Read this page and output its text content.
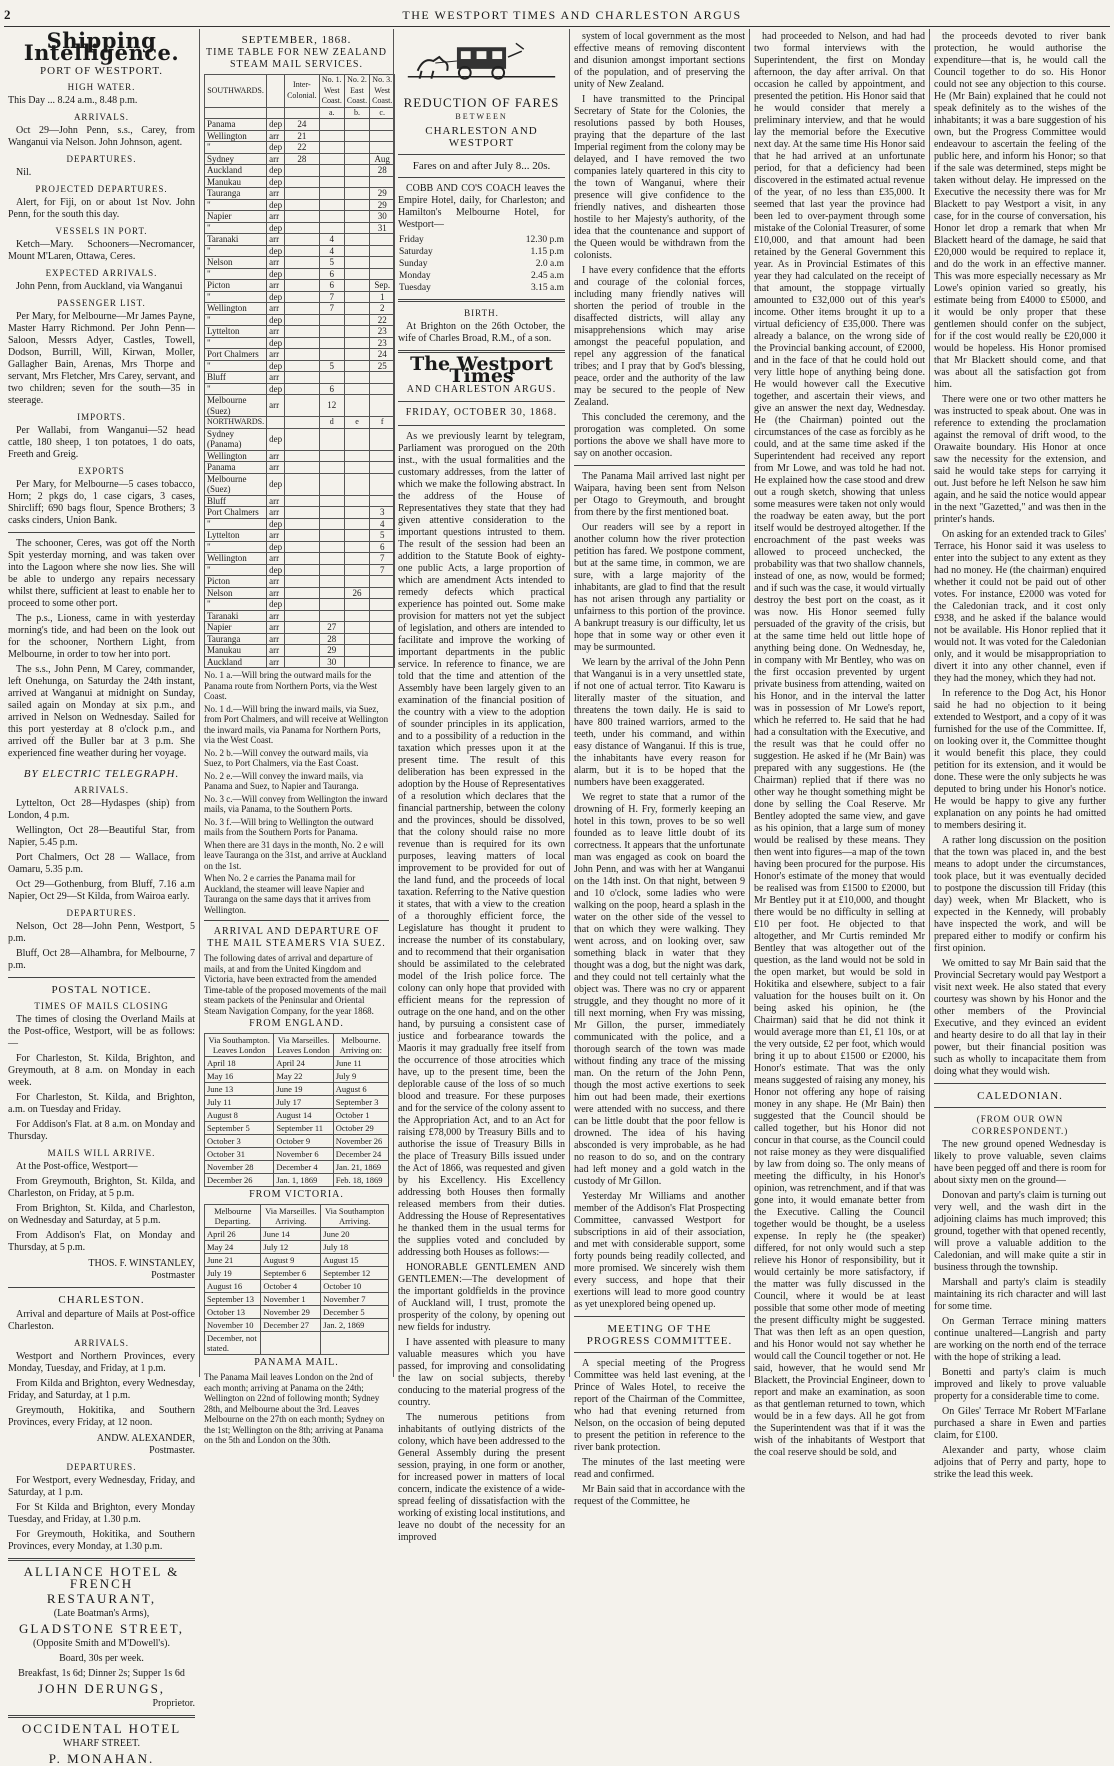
2	THE WESTPORT TIMES AND CHARLESTON ARGUS
Shipping Intelligence.
PORT OF WESTPORT.
HIGH WATER.
This Day ... 8.24 a.m., 8.48 p.m.
ARRIVALS.
Oct 29—John Penn, s.s., Carey, from Wanganui via Nelson. John Johnson, agent.
DEPARTURES.
Nil.
PROJECTED DEPARTURES.
Alert, for Fiji, on or about 1st Nov. John Penn, for the south this day.
VESSELS IN PORT.
Ketch—Mary. Schooners—Necromancer, Mount M'Laren, Ottawa, Ceres.
EXPECTED ARRIVALS.
John Penn, from Auckland, via Wanganui
PASSENGER LIST.
Per Mary, for Melbourne—Mr James Payne, Master Harry Richmond. Per John Penn—Saloon, Messrs Adyer, Castles, Towell, Dodson, Burrill, Will, Kirwan, Moller, Gallagher Bain, Arenas, Mrs Thorpe and servant, Mrs Fletcher, Mrs Carey, servant, and two children; seven for the south—35 in steerage.
IMPORTS.
Per Wallabi, from Wanganui—52 head cattle, 180 sheep, 1 ton potatoes, 1 do oats, Freeth and Greig.
EXPORTS
Per Mary, for Melbourne—5 cases tobacco, Horn; 2 pkgs do, 1 case cigars, 3 cases, Shircliff; 690 bags flour, Spence Brothers; 3 casks cinders, Union Bank.
The schooner, Ceres, was got off the North Spit yesterday morning, and was taken over into the Lagoon where she now lies. She will be able to undergo any repairs necessary whilst there, sufficient at least to enable her to proceed to some other port.
The p.s., Lioness, came in with yesterday morning's tide, and had been on the look out for the schooner, Northern Light, from Melbourne, in order to tow her into port.
The s.s., John Penn, M Carey, commander, left Onehunga, on Saturday the 24th instant, arrived at Wanganui at midnight on Sunday, sailed again on Monday at six p.m., and arrived in Nelson on Wednesday. Sailed for this port yesterday at 8 o'clock p.m., and arrived off the Buller bar at 3 p.m. She experienced fine weather during her voyage.
BY ELECTRIC TELEGRAPH.
ARRIVALS.
Lyttelton, Oct 28—Hydaspes (ship) from London, 4 p.m.
Wellington, Oct 28—Beautiful Star, from Napier, 5.45 p.m.
Port Chalmers, Oct 28 — Wallace, from Oamaru, 5.35 p.m.
Oct 29—Gothenburg, from Bluff, 7.16 a.m Napier, Oct 29—St Kilda, from Wairoa early.
DEPARTURES.
Nelson, Oct 28—John Penn, Westport, 5 p.m.
Bluff, Oct 28—Alhambra, for Melbourne, 7 p.m.
POSTAL NOTICE.
TIMES OF MAILS CLOSING
The times of closing the Overland Mails at the Post-office, Westport, will be as follows:—
For Charleston, St. Kilda, Brighton, and Greymouth, at 8 a.m. on Monday in each week.
For Charleston, St. Kilda, and Brighton, a.m. on Tuesday and Friday.
For Addison's Flat. at 8 a.m. on Monday and Thursday.
MAILS WILL ARRIVE.
At the Post-office, Westport—
From Greymouth, Brighton, St. Kilda, and Charleston, on Friday, at 5 p.m.
From Brighton, St. Kilda, and Charleston, on Wednesday and Saturday, at 5 p.m.
From Addison's Flat, on Monday and Thursday, at 5 p.m.
THOS. F. WINSTANLEY,
Postmaster
CHARLESTON.
Arrival and departure of Mails at Post-office Charleston.
ARRIVALS.
Westport and Northern Provinces, every Monday, Tuesday, and Friday, at 1 p.m.
From Kilda and Brighton, every Wednesday, Friday, and Saturday, at 1 p.m.
Greymouth, Hokitika, and Southern Provinces, every Friday, at 12 noon.
ANDW. ALEXANDER,
Postmaster.
DEPARTURES.
For Westport, every Wednesday, Friday, and Saturday, at 1 p.m.
For St Kilda and Brighton, every Monday Tuesday, and Friday, at 1.30 p.m.
For Greymouth, Hokitika, and Southern Provinces, every Monday, at 1.30 p.m.
ALLIANCE HOTEL & FRENCH
RESTAURANT,
(Late Boatman's Arms),
GLADSTONE STREET,
(Opposite Smith and M'Dowell's).
Board, 30s per week.
Breakfast, 1s 6d; Dinner 2s; Supper 1s 6d
JOHN DERUNGS,
Proprietor.
OCCIDENTAL HOTEL
WHARF STREET.
P. MONAHAN.
SEPTEMBER, 1868.
TIME TABLE FOR NEW ZEALAND STEAM MAIL SERVICES.
SOUTHWARDS.		Inter-Colonial.	No. 1. West Coast.	No. 2. East Coast.	No. 3. West Coast.
			a.	b.	c.
Panama	dep	24			
Wellington	arr	21			
"	dep	22			
Sydney	arr	28			Aug
Auckland	dep				28
Manukau	dep				
Tauranga	arr				29
"	dep				29
Napier	arr				30
"	dep				31
Taranaki	arr		4		
"	dep		4		
Nelson	arr		5		
"	dep		6		
Picton	arr		6		Sep.
"	dep		7		1
Wellington	arr		7		2
"	dep				22
Lyttelton	arr				23
"	dep				23
Port Chalmers	arr				24
"	dep		5		25
Bluff	arr				
"	dep		6		
Melbourne (Suez)	arr		12		
NORTHWARDS.			d	e	f
Sydney (Panama)	dep				
Wellington	arr				
Panama	arr				
Melbourne (Suez)	dep				
Bluff	arr				
Port Chalmers	arr				3
"	dep				4
Lyttelton	arr				5
"	dep				6
Wellington	arr				7
"	dep				7
Picton	arr				
Nelson	arr			26	
"	dep				
Taranaki	arr				
Napier	arr		27		
Tauranga	arr		28		
Manukau	arr		29		
Auckland	arr		30		
No. 1 a.—Will bring the outward mails for the Panama route from Northern Ports, via the West Coast.
No. 1 d.—Will bring the inward mails, via Suez, from Port Chalmers, and will receive at Wellington the inward mails, via Panama for Northern Ports, via the West Coast.
No. 2 b.—Will convey the outward mails, via Suez, to Port Chalmers, via the East Coast.
No. 2 e.—Will convey the inward mails, via Panama and Suez, to Napier and Tauranga.
No. 3 c.—Will convey from Wellington the inward mails, via Panama, to the Southern Ports.
No. 3 f.—Will bring to Wellington the outward mails from the Southern Ports for Panama.
When there are 31 days in the month, No. 2 e will leave Tauranga on the 31st, and arrive at Auckland on the 1st.
When No. 2 e carries the Panama mail for Auckland, the steamer will leave Napier and Tauranga on the same days that it arrives from Wellington.
ARRIVAL AND DEPARTURE OF THE MAIL STEAMERS VIA SUEZ.
The following dates of arrival and departure of mails, at and from the United Kingdom and Victoria, have been extracted from the amended Time-table of the proposed movements of the mail steam packets of the Peninsular and Oriental Steam Navigation Company, for the year 1868.
FROM ENGLAND.
Via Southampton. Leaves London	Via Marseilles. Leaves London	Melbourne. Arriving on:
April 18	April 24	June 11
May 16	May 22	July 9
June 13	June 19	August 6
July 11	July 17	September 3
August 8	August 14	October 1
September 5	September 11	October 29
October 3	October 9	November 26
October 31	November 6	December 24
November 28	December 4	Jan. 21, 1869
December 26	Jan. 1, 1869	Feb. 18, 1869
FROM VICTORIA.
Melbourne Departing.	Via Marseilles. Arriving.	Via Southampton Arriving.
April 26	June 14	June 20
May 24	July 12	July 18
June 21	August 9	August 15
July 19	September 6	September 12
August 16	October 4	October 10
September 13	November 1	November 7
October 13	November 29	December 5
November 10	December 27	Jan. 2, 1869
December, not stated.		
PANAMA MAIL.
The Panama Mail leaves London on the 2nd of each month; arriving at Panama on the 24th; Wellington on 22nd of following month; Sydney 28th, and Melbourne about the 3rd. Leaves Melbourne on the 27th on each month; Sydney on the 1st; Wellington on the 8th; arriving at Panama on the 5th and London on the 30th.
REDUCTION OF FARES
BETWEEN
CHARLESTON AND WESTPORT
Fares on and after July 8... 20s.
COBB AND CO'S COACH leaves the Empire Hotel, daily, for Charleston; and Hamilton's Melbourne Hotel, for Westport—
Friday	12.30 p.m
Saturday	1.15 p.m
Sunday	2.0 a.m
Monday	2.45 a.m
Tuesday	3.15 a.m
BIRTH.
At Brighton on the 26th October, the wife of Charles Broad, R.M., of a son.
The Westport Times
AND CHARLESTON ARGUS.
FRIDAY, OCTOBER 30, 1868.
As we previously learnt by telegram, Parliament was prorogued on the 20th inst., with the usual formalities and the customary addresses, from the latter of which we make the following abstract. In the address of the House of Representatives they state that they had given attentive consideration to the important questions intrusted to them. The result of the session had been an addition to the Statute Book of eighty-one public Acts, a large proportion of which are amendment Acts intended to remedy defects which practical experience has pointed out. Some make provision for matters not yet the subject of legislation, and others are intended to facilitate and improve the working of important departments in the public service. In reference to finance, we are told that the time and attention of the Assembly have been largely given to an examination of the financial position of the country with a view to the adoption of sounder principles in its application, and to a possibility of a reduction in the taxation which presses upon it at the present time. The result of this deliberation has been expressed in the adoption by the House of Representatives of a resolution which declares that the financial partnership, between the colony and the provinces, should be dissolved, that the colony should raise no more revenue than is required for its own purposes, leaving matters of local improvement to be provided for out of the land fund, and the proceeds of local taxation. Referring to the Native question it states, that with a view to the creation of a thoroughly efficient force, the Legislature has thought it prudent to increase the number of its constabulary, and to recommend that their organisation should be assimilated to the celebrated model of the Irish police force. The colony can only hope that provided with efficient means for the repression of outrage on the one hand, and on the other hand, by pursuing a consistent case of justice and forbearance towards the Maoris it may gradually free itself from the occurrence of those atrocities which have, up to the present time, been the deplorable cause of the loss of so much blood and treasure. For these purposes and for the service of the colony assent to the Appropriation Act, and to an Act for raising £78,000 by Treasury Bills and to authorise the issue of Treasury Bills in the place of Treasury Bills issued under the Act of 1866, was requested and given by his Excellency. His Excellency addressing both Houses then formally released members from their duties. Addressing the House of Representatives he thanked them in the usual terms for the supplies voted and concluded by addressing both Houses as follows:—
HONORABLE GENTLEMEN AND GENTLEMEN:—The development of the important goldfields in the province of Auckland will, I trust, promote the prosperity of the colony, by opening out new fields for industry.
I have assented with pleasure to many valuable measures which you have passed, for improving and consolidating the law on social subjects, thereby conducing to the material progress of the country.
The numerous petitions from inhabitants of outlying districts of the colony, which have been addressed to the General Assembly during the present session, praying, in one form or another, for increased power in matters of local concern, indicate the existence of a wide-spread feeling of dissatisfaction with the working of existing local institutions, and leave no doubt of the necessity for an improved
system of local government as the most effective means of removing discontent and disunion amongst important sections of the population, and of preserving the unity of New Zealand.
I have transmitted to the Principal Secretary of State for the Colonies, the resolutions passed by both Houses, praying that the departure of the last Imperial regiment from the colony may be delayed, and I have removed the two companies lately quartered in this city to the town of Wanganui, where their presence will give confidence to the friendly natives, and dishearten those hostile to her Majesty's authority, of the idea that the countenance and support of the Queen would be withdrawn from the colonists.
I have every confidence that the efforts and courage of the colonial forces, including many friendly natives will shorten the period of trouble in the disaffected districts, will allay any misapprehensions which may arise amongst the peaceful population, and repel any aggression of the fanatical tribes; and I pray that by God's blessing, peace, order and the authority of the law may be secured to the people of New Zealand.
This concluded the ceremony, and the prorogation was completed. On some portions the above we shall have more to say on another occasion.
The Panama Mail arrived last night per Waipara, having been sent from Nelson per Otago to Greymouth, and brought from there by the first mentioned boat.
Our readers will see by a report in another column how the river protection petition has fared. We postpone comment, but at the same time, in common, we are sure, with a large majority of the inhabitants, are glad to find that the result has not arisen through any partiality or unfairness to this portion of the province. A bankrupt treasury is our difficulty, let us hope that in some way or other even it may be surmounted.
We learn by the arrival of the John Penn that Wanganui is in a very unsettled state, if not one of actual terror. Tito Kawaru is literally master of the situation, and threatens the town daily. He is said to have 800 trained warriors, armed to the teeth, under his command, and within easy distance of Wanganui. If this is true, the inhabitants have every reason for alarm, but it is to be hoped that the numbers have been exaggerated.
We regret to state that a rumor of the drowning of H. Fry, formerly keeping an hotel in this town, proves to be so well founded as to leave little doubt of its correctness. It appears that the unfortunate man was engaged as cook on board the John Penn, and was with her at Wanganui on the 14th inst. On that night, between 9 and 10 o'clock, some ladies who were walking on the poop, heard a splash in the water on the other side of the vessel to that on which they were walking. They went across, and on looking over, saw something black in water that they thought was a dog, but the night was dark, and they could not tell certainly what the object was. There was no cry or apparent struggle, and they thought no more of it till next morning, when Fry was missing, Mr Gillon, the purser, immediately communicated with the police, and a thorough search of the town was made without finding any trace of the missing man. On the return of the John Penn, though the most active exertions to seek him out had been made, their exertions were attended with no success, and there can be little doubt that the poor fellow is drowned. The idea of his having absconded is very improbable, as he had no reason to do so, and on the contrary had left money and a gold watch in the custody of Mr Gillon.
Yesterday Mr Williams and another member of the Addison's Flat Prospecting Committee, canvassed Westport for subscriptions in aid of their association, and met with considerable support, some forty pounds being readily collected, and more promised. We sincerely wish them every success, and hope that their exertions will lead to more good country as yet unexplored being opened up.
MEETING OF THE PROGRESS COMMITTEE.
A special meeting of the Progress Committee was held last evening, at the Prince of Wales Hotel, to receive the report of the Chairman of the Committee, who had that evening returned from Nelson, on the occasion of being deputed to present the petition in reference to the river bank protection.
The minutes of the last meeting were read and confirmed.
Mr Bain said that in accordance with the request of the Committee, he
had proceeded to Nelson, and had had two formal interviews with the Superintendent, the first on Monday afternoon, the day after arrival. On that occasion he called by appointment, and presented the petition. His Honor said that he would consider that merely a preliminary interview, and that he would lay the memorial before the Executive next day. At the same time His Honor said that he had arrived at an unfortunate period, for that a deficiency had been discovered in the estimated actual revenue of the year, of no less than £35,000. It seemed that last year the province had been led to over-payment through some mistake of the Colonial Treasurer, of some £10,000, and that amount had been retained by the General Government this year. As in Provincial Estimates of this year they had calculated on the receipt of that amount, the stoppage virtually amounted to £32,000 out of this year's income. Other items brought it up to a virtual deficiency of £35,000. There was already a balance, on the wrong side of the Provincial banking account, of £2000, and in the face of that he could hold out very little hope of anything being done. He would however call the Executive together, and ascertain their views, and give an answer the next day, Wednesday. He (the Chairman) pointed out the circumstances of the case as forcibly as he could, and at the same time asked if the Superintendent had received any report from Mr Lowe, and was told he had not. He explained how the case stood and drew out a rough sketch, showing that unless some measures were taken not only would the roadway be eaten away, but the port itself would be destroyed altogether. If the encroachment of the past weeks was allowed to proceed unchecked, the probability was that two shallow channels, instead of one, as now, would be formed; and if such was the case, it would virtually destroy the best port on the coast, as it was now. His Honor seemed fully persuaded of the gravity of the crisis, but at the same time held out little hope of anything being done. On Wednesday, he, in company with Mr Bentley, who was on the first occasion prevented by urgent private business from attending, waited on his Honor, and in the interval the latter was in possession of Mr Lowe's report, which he referred to. He said that he had had a consultation with the Executive, and the result was that he could offer no suggestion. He asked if he (Mr Bain) was prepared with any suggestions. He (the Chairman) replied that if there was no other way he thought something might be done by selling the Coal Reserve. Mr Bentley adopted the same view, and gave as his opinion, that a large sum of money would be realised by these means. They then went into figures—a map of the town having been procured for the purpose. His Honor's estimate of the money that would be realised was from £1500 to £2000, but Mr Bentley put it at £10,000, and thought there would be no difficulty in selling at £10 per foot. He objected to that altogether, and Mr Curtis reminded Mr Bentley that was altogether out of the question, as the land would not be sold in the open market, but would be sold in Hokitika and elsewhere, subject to a fair valuation for the houses built on it. On being asked his opinion, he (the Chairman) said that he did not think it would average more than £1, £1 10s, or at the very outside, £2 per foot, which would bring it up to about £1500 or £2000, his Honor's estimate. That was the only means suggested of raising any money, his Honor not offering any hope of raising money in any shape. He (Mr Bain) then suggested that the Council should be called together, but his Honor did not concur in that course, as the Council could not raise money as they were disqualified by law from doing so. The only means of meeting the difficulty, in his Honor's opinion, was retrenchment, and if that was gone into, it would emanate better from the Executive. Calling the Council together would be thought, be a useless expense. In reply he (the speaker) differed, for not only would such a step relieve his Honor of responsibility, but it would certainly be more satisfactory, if the matter was fully discussed in the Council, where it would be at least possible that some other mode of meeting the present difficulty might be suggested. That was then left as an open question, and his Honor would not say whether he would call the Council together or not. He said, however, that he would send Mr Blackett, the Provincial Engineer, down to report and make an examination, as soon as that gentleman returned to town, which would be in a few days. All he got from the Superintendent was that if it was the wish of the inhabitants of Westport that the coal reserve should be sold, and
the proceeds devoted to river bank protection, he would authorise the expenditure—that is, he would call the Council together to do so. His Honor could not see any objection to this course. He (Mr Bain) explained that he could not speak definitely as to the wishes of the inhabitants; it was a bare suggestion of his own, but the Progress Committee would endeavour to ascertain the feeling of the public here, and inform his Honor; so that if the sale was determined, steps might be taken without delay. He impressed on the Executive the necessity there was for Mr Blackett to pay Westport a visit, in any case, for in the course of conversation, his Honor let drop a remark that when Mr Blackett heard of the damage, he said that £20,000 would be required to replace it, and do the work in an effective manner. This was more especially necessary as Mr Lowe's opinion varied so greatly, his estimate being from £4000 to £5000, and it would be only proper that these gentlemen should confer on the subject, for if the cost would really be £20,000 it would be hopeless. His Honor promised that Mr Blackett should come, and that was about all the satisfaction got from him.
There were one or two other matters he was instructed to speak about. One was in reference to extending the proclamation against the removal of drift wood, to the Orawaite boundary. His Honor at once saw the necessity for the extension, and said he would take steps for carrying it out. Just before he left Nelson he saw him again, and he said the notice would appear in the next "Gazetted," and was then in the printer's hands.
On asking for an extended track to Giles' Terrace, his Honor said it was useless to enter into the subject to any extent as they had no money. He (the chairman) enquired whether it could not be paid out of other votes. For instance, £2000 was voted for the Caledonian track, and it cost only £938, and he asked if the balance would not be available. His Honor replied that it would not. It was voted for the Caledonian only, and it would be misappropriation to divert it into any other channel, even if they had the money, which they had not.
In reference to the Dog Act, his Honor said he had no objection to it being extended to Westport, and a copy of it was furnished for the use of the Committee. If, on looking over it, the Committee thought it would benefit this place, they could petition for its extension, and it would be done. These were the only subjects he was deputed to bring under his Honor's notice. He would be happy to give any further explanation on any points he had omitted to members desiring it.
A rather long discussion on the position that the town was placed in, and the best means to adopt under the circumstances, took place, but it was eventually decided to postpone the discussion till Friday (this day) week, when Mr Blackett, who is expected in the Kennedy, will probably have inspected the work, and will be prepared either to modify or confirm his first opinion.
We omitted to say Mr Bain said that the Provincial Secretary would pay Westport a visit next week. He also stated that every courtesy was shown by his Honor and the other members of the Provincial Executive, and they evinced an evident and hearty desire to do all that lay in their power, but their financial position was such as wholly to incapacitate them from doing what they would wish.
CALEDONIAN.
(FROM OUR OWN CORRESPONDENT.)
The new ground opened Wednesday is likely to prove valuable, seven claims have been pegged off and there is room for about sixty men on the ground—
Donovan and party's claim is turning out very well, and the wash dirt in the adjoining claims has much improved; this ground, together with that opened recently, will prove a valuable addition to the Caledonian, and will make quite a stir in business through the township.
Marshall and party's claim is steadily maintaining its rich character and will last for some time.
On German Terrace mining matters continue unaltered—Langrish and party are working on the north end of the terrace with the hope of striking a lead.
Bonetti and party's claim is much improved and likely to prove valuable property for a considerable time to come.
On Giles' Terrace Mr Robert M'Farlane purchased a share in Ewen and parties claim, for £100.
Alexander and party, whose claim adjoins that of Perry and party, hope to strike the lead this week.
